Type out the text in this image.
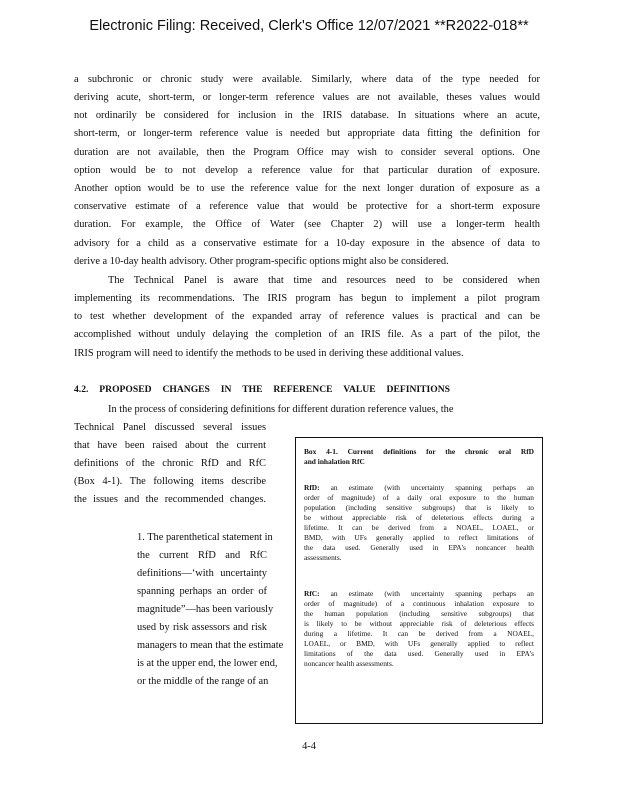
Electronic Filing: Received, Clerk's Office 12/07/2021 **R2022-018**
a subchronic or chronic study were available. Similarly, where data of the type needed for
deriving acute, short-term, or longer-term reference values are not available, theses values would
not ordinarily be considered for inclusion in the IRIS database. In situations where an acute,
short-term, or longer-term reference value is needed but appropriate data fitting the definition for
duration are not available, then the Program Office may wish to consider several options. One
option would be to not develop a reference value for that particular duration of exposure.
Another option would be to use the reference value for the next longer duration of exposure as a
conservative estimate of a reference value that would be protective for a short-term exposure
duration. For example, the Office of Water (see Chapter 2) will use a longer-term health
advisory for a child as a conservative estimate for a 10-day exposure in the absence of data to
derive a 10-day health advisory. Other program-specific options might also be considered.
The Technical Panel is aware that time and resources need to be considered when
implementing its recommendations. The IRIS program has begun to implement a pilot program
to test whether development of the expanded array of reference values is practical and can be
accomplished without unduly delaying the completion of an IRIS file. As a part of the pilot, the
IRIS program will need to identify the methods to be used in deriving these additional values.
4.2. PROPOSED CHANGES IN THE REFERENCE VALUE DEFINITIONS
In the process of considering definitions for different duration reference values, the
Technical Panel discussed several issues
that have been raised about the current
definitions of the chronic RfD and RfC
(Box 4-1). The following items describe
the issues and the recommended changes.
1. The parenthetical statement in
the current RfD and RfC
definitions—‘with uncertainty
spanning perhaps an order of
magnitude”—has been variously
used by risk assessors and risk
managers to mean that the estimate
is at the upper end, the lower end,
or the middle of the range of an
Box 4-1. Current definitions for the chronic oral RfD
and inhalation RfC
RfD: an estimate (with uncertainty spanning perhaps an
order of magnitude) of a daily oral exposure to the human
population (including sensitive subgroups) that is likely to
be without appreciable risk of deleterious effects during a
lifetime. It can be derived from a NOAEL, LOAEL, or
BMD, with UFs generally applied to reflect limitations of
the data used. Generally used in EPA's noncancer health
assessments.
RfC: an estimate (with uncertainty spanning perhaps an
order of magnitude) of a continuous inhalation exposure to
the human population (including sensitive subgroups) that
is likely to be without appreciable risk of deleterious effects
during a lifetime. It can be derived from a NOAEL,
LOAEL, or BMD, with UFs generally applied to reflect
limitations of the data used. Generally used in EPA's
noncancer health assessments.
4-4
